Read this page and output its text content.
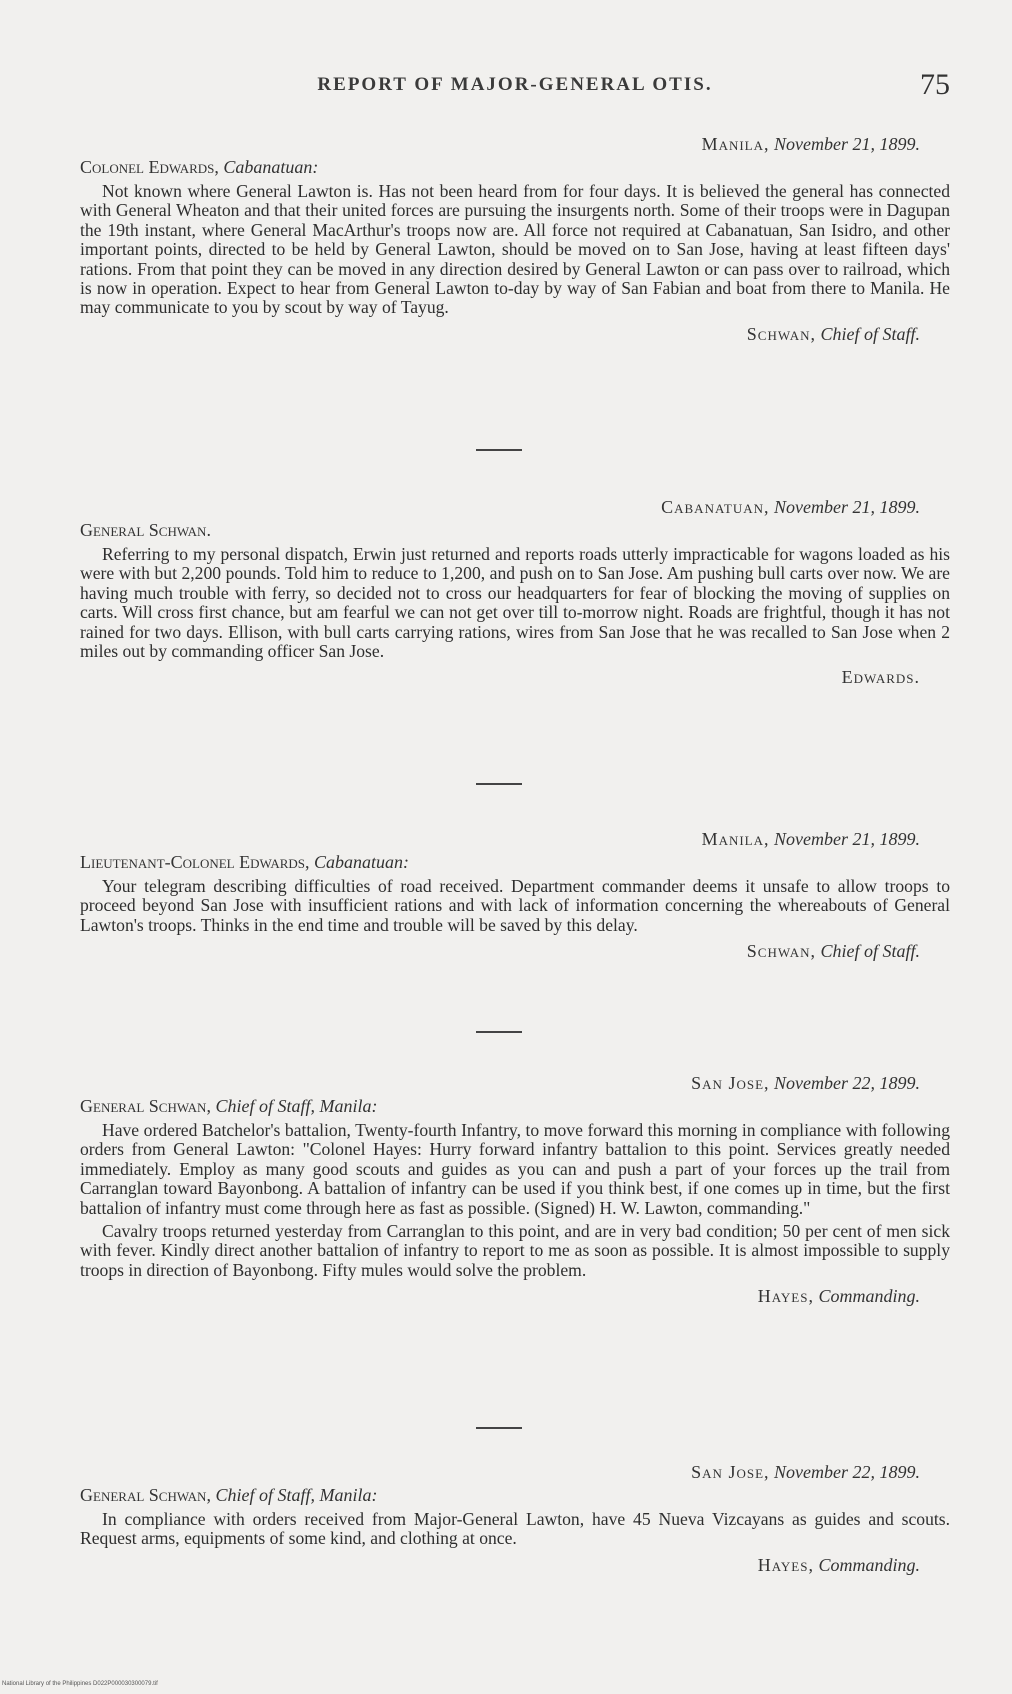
REPORT OF MAJOR-GENERAL OTIS.	75
Manila, November 21, 1899.
Colonel Edwards, Cabanatuan:

Not known where General Lawton is. Has not been heard from for four days. It is believed the general has connected with General Wheaton and that their united forces are pursuing the insurgents north. Some of their troops were in Dagupan the 19th instant, where General MacArthur's troops now are. All force not required at Cabanatuan, San Isidro, and other important points, directed to be held by General Lawton, should be moved on to San Jose, having at least fifteen days' rations. From that point they can be moved in any direction desired by General Lawton or can pass over to railroad, which is now in operation. Expect to hear from General Lawton to-day by way of San Fabian and boat from there to Manila. He may communicate to you by scout by way of Tayug.

Schwan, Chief of Staff.
Cabanatuan, November 21, 1899.
General Schwan.

Referring to my personal dispatch, Erwin just returned and reports roads utterly impracticable for wagons loaded as his were with but 2,200 pounds. Told him to reduce to 1,200, and push on to San Jose. Am pushing bull carts over now. We are having much trouble with ferry, so decided not to cross our headquarters for fear of blocking the moving of supplies on carts. Will cross first chance, but am fearful we can not get over till to-morrow night. Roads are frightful, though it has not rained for two days. Ellison, with bull carts carrying rations, wires from San Jose that he was recalled to San Jose when 2 miles out by commanding officer San Jose.

Edwards.
Manila, November 21, 1899.
Lieutenant-Colonel Edwards, Cabanatuan:

Your telegram describing difficulties of road received. Department commander deems it unsafe to allow troops to proceed beyond San Jose with insufficient rations and with lack of information concerning the whereabouts of General Lawton's troops. Thinks in the end time and trouble will be saved by this delay.

Schwan, Chief of Staff.
San Jose, November 22, 1899.
General Schwan, Chief of Staff, Manila:

Have ordered Batchelor's battalion, Twenty-fourth Infantry, to move forward this morning in compliance with following orders from General Lawton: "Colonel Hayes: Hurry forward infantry battalion to this point. Services greatly needed immediately. Employ as many good scouts and guides as you can and push a part of your forces up the trail from Carranglan toward Bayonbong. A battalion of infantry can be used if you think best, if one comes up in time, but the first battalion of infantry must come through here as fast as possible. (Signed) H. W. Lawton, commanding."

Cavalry troops returned yesterday from Carranglan to this point, and are in very bad condition; 50 per cent of men sick with fever. Kindly direct another battalion of infantry to report to me as soon as possible. It is almost impossible to supply troops in direction of Bayonbong. Fifty mules would solve the problem.

Hayes, Commanding.
San Jose, November 22, 1899.
General Schwan, Chief of Staff, Manila:

In compliance with orders received from Major-General Lawton, have 45 Nueva Vizcayans as guides and scouts. Request arms, equipments of some kind, and clothing at once.

Hayes, Commanding.
National Library of the Philippines D022P000030300079.tif
